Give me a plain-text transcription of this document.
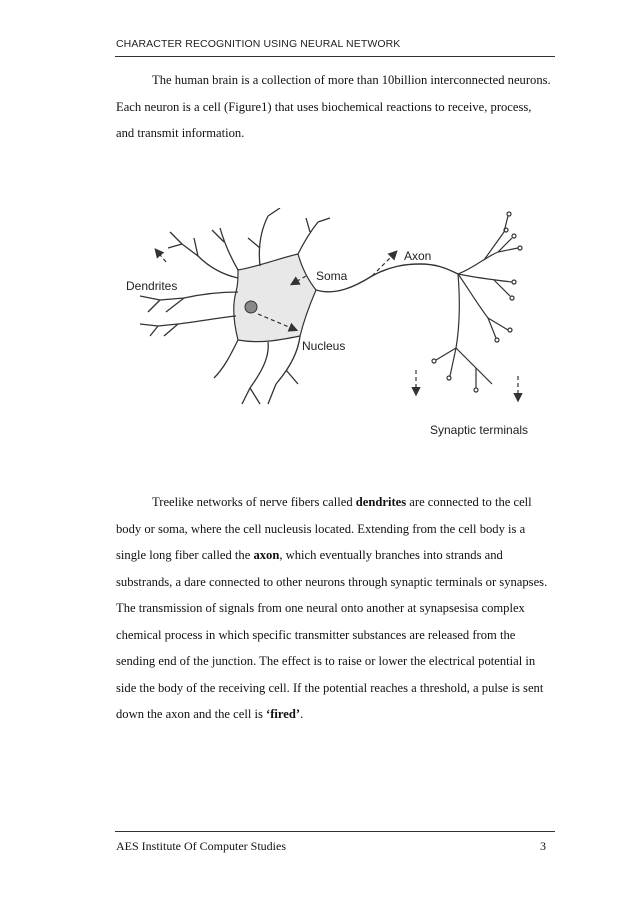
CHARACTER RECOGNITION USING NEURAL NETWORK

The human brain is a collection of more than 10billion interconnected neurons. Each neuron is a cell (Figure1) that uses biochemical reactions to receive, process, and transmit information.

Dendrites
Soma
Axon
Nucleus
Synaptic terminals

Treelike networks of nerve fibers called dendrites are connected to the cell body or soma, where the cell nucleusis located. Extending from the cell body is a single long fiber called the axon, which eventually branches into strands and substrands, a dare connected to other neurons through synaptic terminals or synapses. The transmission of signals from one neural onto another at synapsesisa complex chemical process in which specific transmitter substances are released from the sending end of the junction. The effect is to raise or lower the electrical potential in side the body of the receiving cell. If the potential reaches a threshold, a pulse is sent down the axon and the cell is ‘fired’.

AES Institute Of Computer Studies	3
